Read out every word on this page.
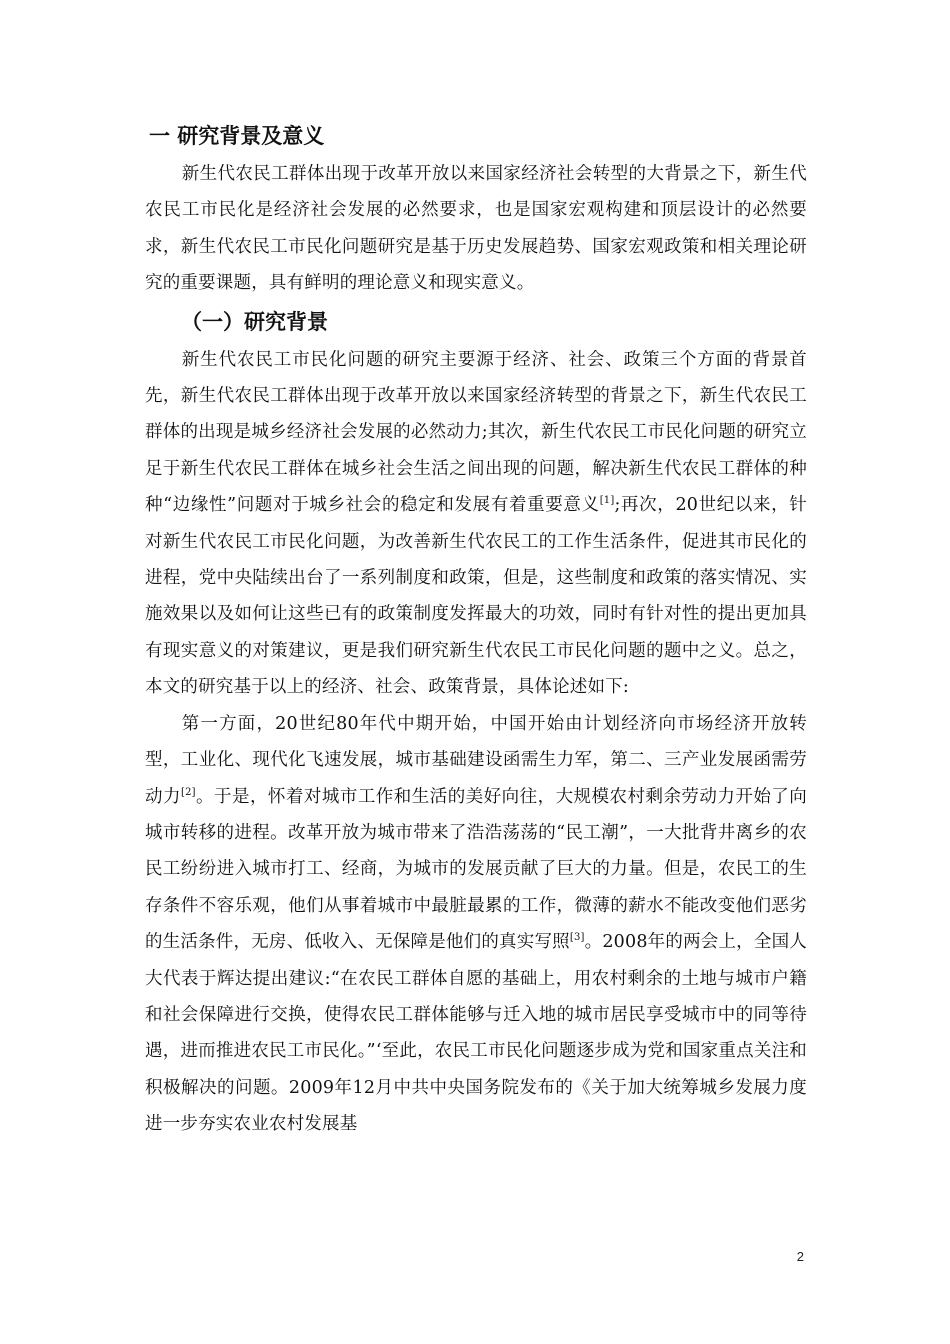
一 研究背景及意义

新生代农民工群体出现于改革开放以来国家经济社会转型的大背景之下，新生代农民工市民化是经济社会发展的必然要求，也是国家宏观构建和顶层设计的必然要求，新生代农民工市民化问题研究是基于历史发展趋势、国家宏观政策和相关理论研究的重要课题，具有鲜明的理论意义和现实意义。

（一）研究背景

新生代农民工市民化问题的研究主要源于经济、社会、政策三个方面的背景首先，新生代农民工群体出现于改革开放以来国家经济转型的背景之下，新生代农民工群体的出现是城乡经济社会发展的必然动力;其次，新生代农民工市民化问题的研究立足于新生代农民工群体在城乡社会生活之间出现的问题，解决新生代农民工群体的种种“边缘性”问题对于城乡社会的稳定和发展有着重要意义[1];再次，20世纪以来，针对新生代农民工市民化问题，为改善新生代农民工的工作生活条件，促进其市民化的进程，党中央陆续出台了一系列制度和政策，但是，这些制度和政策的落实情况、实施效果以及如何让这些已有的政策制度发挥最大的功效，同时有针对性的提出更加具有现实意义的对策建议，更是我们研究新生代农民工市民化问题的题中之义。总之，本文的研究基于以上的经济、社会、政策背景，具体论述如下:

第一方面，20世纪80年代中期开始，中国开始由计划经济向市场经济开放转型，工业化、现代化飞速发展，城市基础建设函需生力军，第二、三产业发展函需劳动力[2]。于是，怀着对城市工作和生活的美好向往，大规模农村剩余劳动力开始了向城市转移的进程。改革开放为城市带来了浩浩荡荡的“民工潮”，一大批背井离乡的农民工纷纷进入城市打工、经商，为城市的发展贡献了巨大的力量。但是，农民工的生存条件不容乐观，他们从事着城市中最脏最累的工作，微薄的薪水不能改变他们恶劣的生活条件，无房、低收入、无保障是他们的真实写照[3]。2008年的两会上，全国人大代表于辉达提出建议:“在农民工群体自愿的基础上，用农村剩余的土地与城市户籍和社会保障进行交换，使得农民工群体能够与迁入地的城市居民享受城市中的同等待遇，进而推进农民工市民化。”‘至此，农民工市民化问题逐步成为党和国家重点关注和积极解决的问题。2009年12月中共中央国务院发布的《关于加大统筹城乡发展力度进一步夯实农业农村发展基

2
